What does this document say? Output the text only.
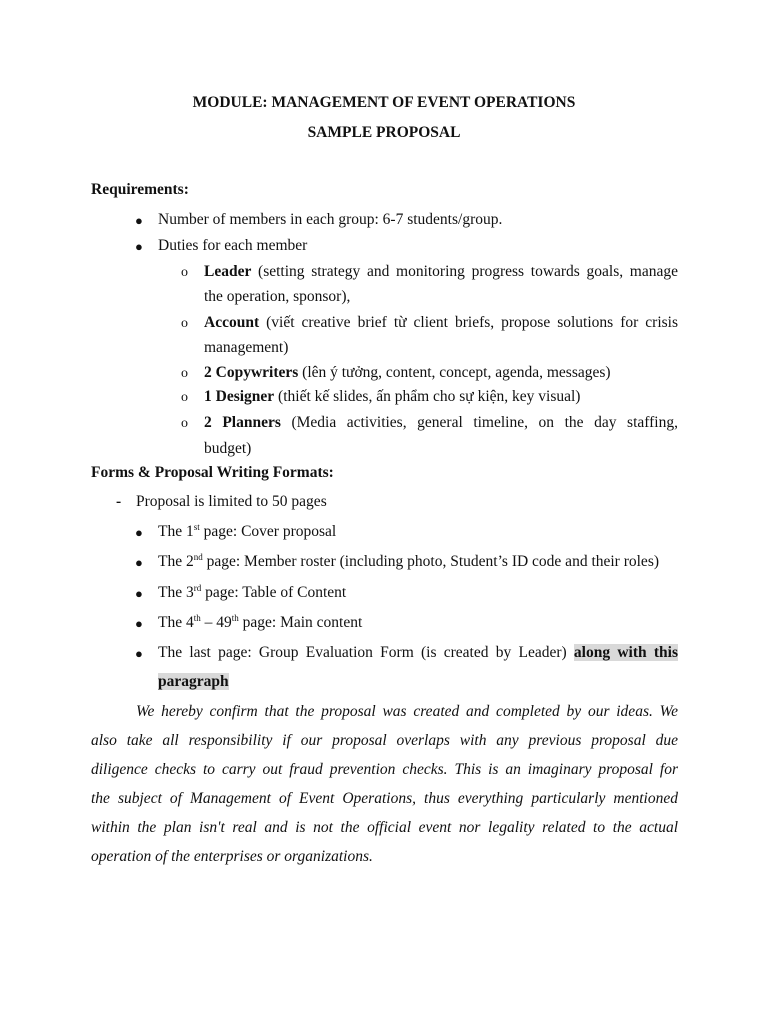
MODULE: MANAGEMENT OF EVENT OPERATIONS
SAMPLE PROPOSAL
Requirements:
● Number of members in each group: 6-7 students/group.
● Duties for each member
o Leader (setting strategy and monitoring progress towards goals, manage
the operation, sponsor),
o Account (viết creative brief từ client briefs, propose solutions for crisis
management)
o 2 Copywriters (lên ý tưởng, content, concept, agenda, messages)
o 1 Designer (thiết kế slides, ấn phẩm cho sự kiện, key visual)
o 2 Planners (Media activities, general timeline, on the day staffing,
budget)
Forms & Proposal Writing Formats:
- Proposal is limited to 50 pages
● The 1st page: Cover proposal
● The 2nd page: Member roster (including photo, Student’s ID code and their roles)
● The 3rd page: Table of Content
● The 4th – 49th page: Main content
● The last page: Group Evaluation Form (is created by Leader) along with this
paragraph
We hereby confirm that the proposal was created and completed by our ideas. We
also take all responsibility if our proposal overlaps with any previous proposal due
diligence checks to carry out fraud prevention checks. This is an imaginary proposal for
the subject of Management of Event Operations, thus everything particularly mentioned
within the plan isn't real and is not the official event nor legality related to the actual
operation of the enterprises or organizations.
